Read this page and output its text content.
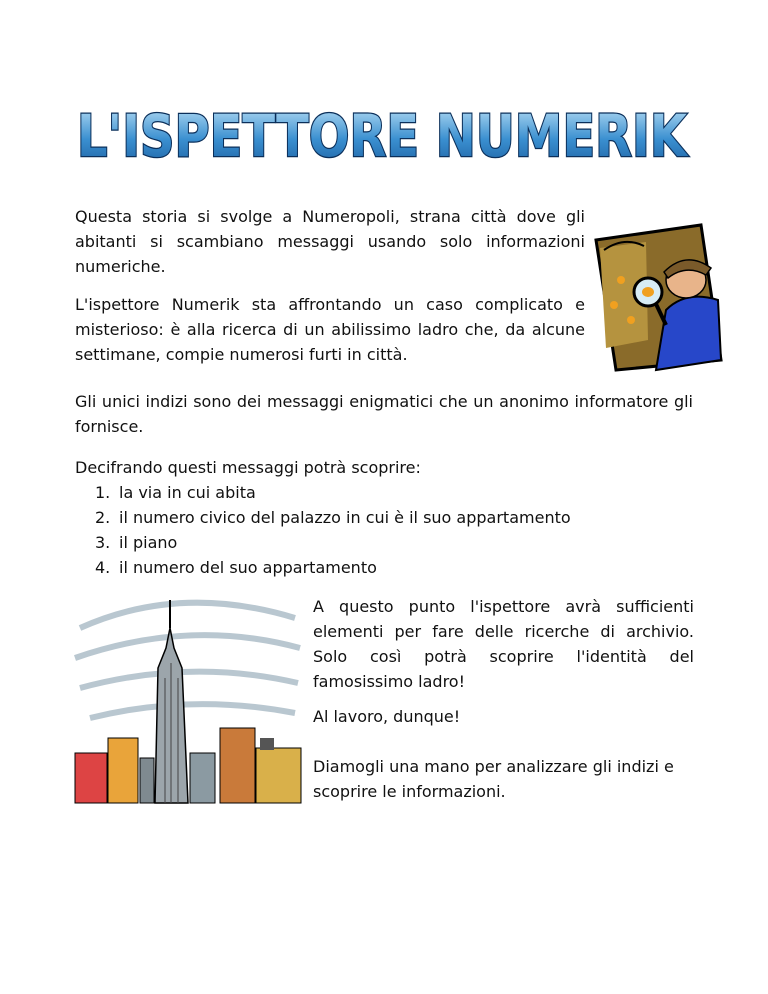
L'ISPETTORE NUMERIK

Questa storia si svolge a Numeropoli, strana città dove gli abitanti si scambiano messaggi usando solo informazioni numeriche.

L'ispettore Numerik sta affrontando un caso complicato e misterioso: è alla ricerca di un abilissimo ladro che, da alcune settimane, compie numerosi furti in città.

Gli unici indizi sono dei messaggi enigmatici che un anonimo informatore gli fornisce.

Decifrando questi messaggi potrà scoprire:

1. la via in cui abita
2. il numero civico del palazzo in cui è il suo appartamento
3. il piano
4. il numero del suo appartamento

A questo punto l'ispettore avrà sufficienti elementi per fare delle ricerche di archivio. Solo così potrà scoprire l'identità del famosissimo ladro!

Al lavoro, dunque!

Diamogli una mano per analizzare gli indizi e scoprire le informazioni.
